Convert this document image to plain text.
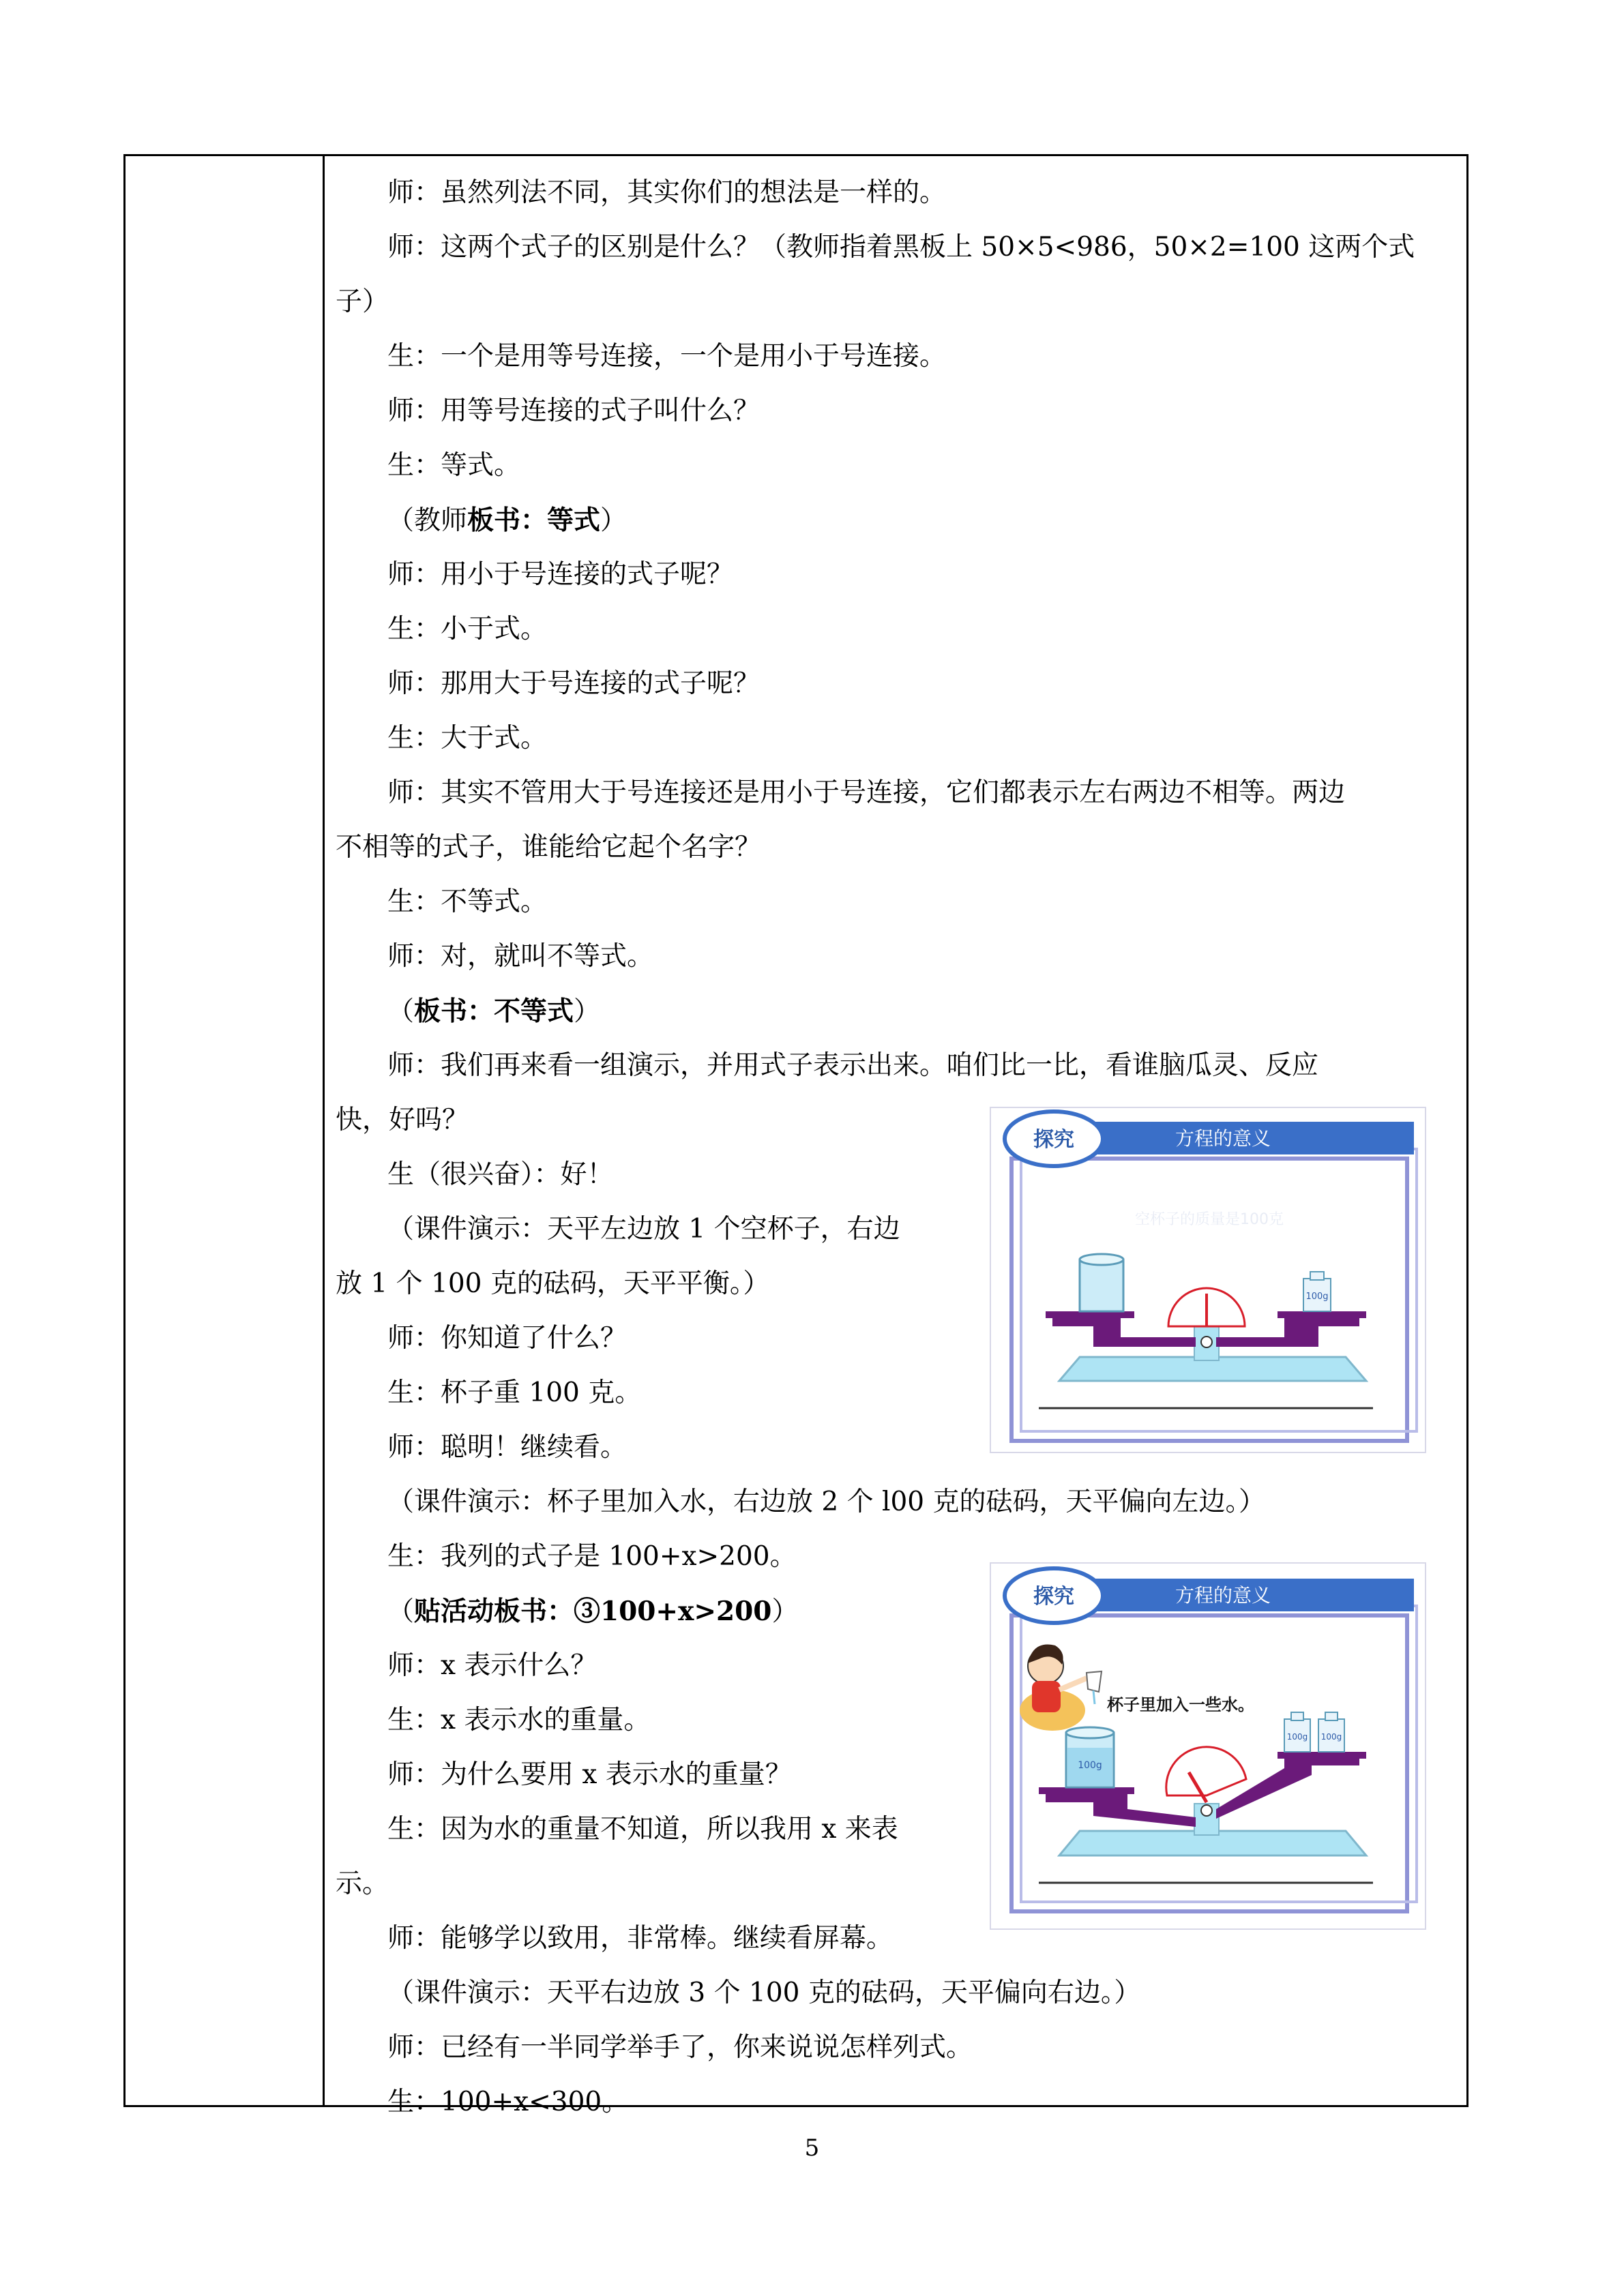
师：虽然列法不同，其实你们的想法是一样的。
师：这两个式子的区别是什么？（教师指着黑板上 50×5<986，50×2=100 这两个式
子）
生：一个是用等号连接，一个是用小于号连接。
师：用等号连接的式子叫什么？
生：等式。
（教师板书：等式）
师：用小于号连接的式子呢？
生：小于式。
师：那用大于号连接的式子呢？
生：大于式。
师：其实不管用大于号连接还是用小于号连接，它们都表示左右两边不相等。两边
不相等的式子，谁能给它起个名字？
生：不等式。
师：对，就叫不等式。
（板书：不等式）
师：我们再来看一组演示，并用式子表示出来。咱们比一比，看谁脑瓜灵、反应
快，好吗？
生（很兴奋）：好！
（课件演示：天平左边放 1 个空杯子，右边
放 1 个 100 克的砝码，天平平衡。）
师：你知道了什么？
生：杯子重 100 克。
师：聪明！继续看。
（课件演示：杯子里加入水，右边放 2 个 l00 克的砝码，天平偏向左边。）
生：我列的式子是 100+x>200。
（贴活动板书：③100+x>200）
师：x 表示什么？
生：x 表示水的重量。
师：为什么要用 x 表示水的重量？
生：因为水的重量不知道，所以我用 x 来表
示。
师：能够学以致用，非常棒。继续看屏幕。
（课件演示：天平右边放 3 个 100 克的砝码，天平偏向右边。）
师：已经有一半同学举手了，你来说说怎样列式。
生：100+x<300。
探究	方程的意义
空杯子的质量是100克
100g
探究	方程的意义
杯子里加入一些水。
100g
100g 100g
5
